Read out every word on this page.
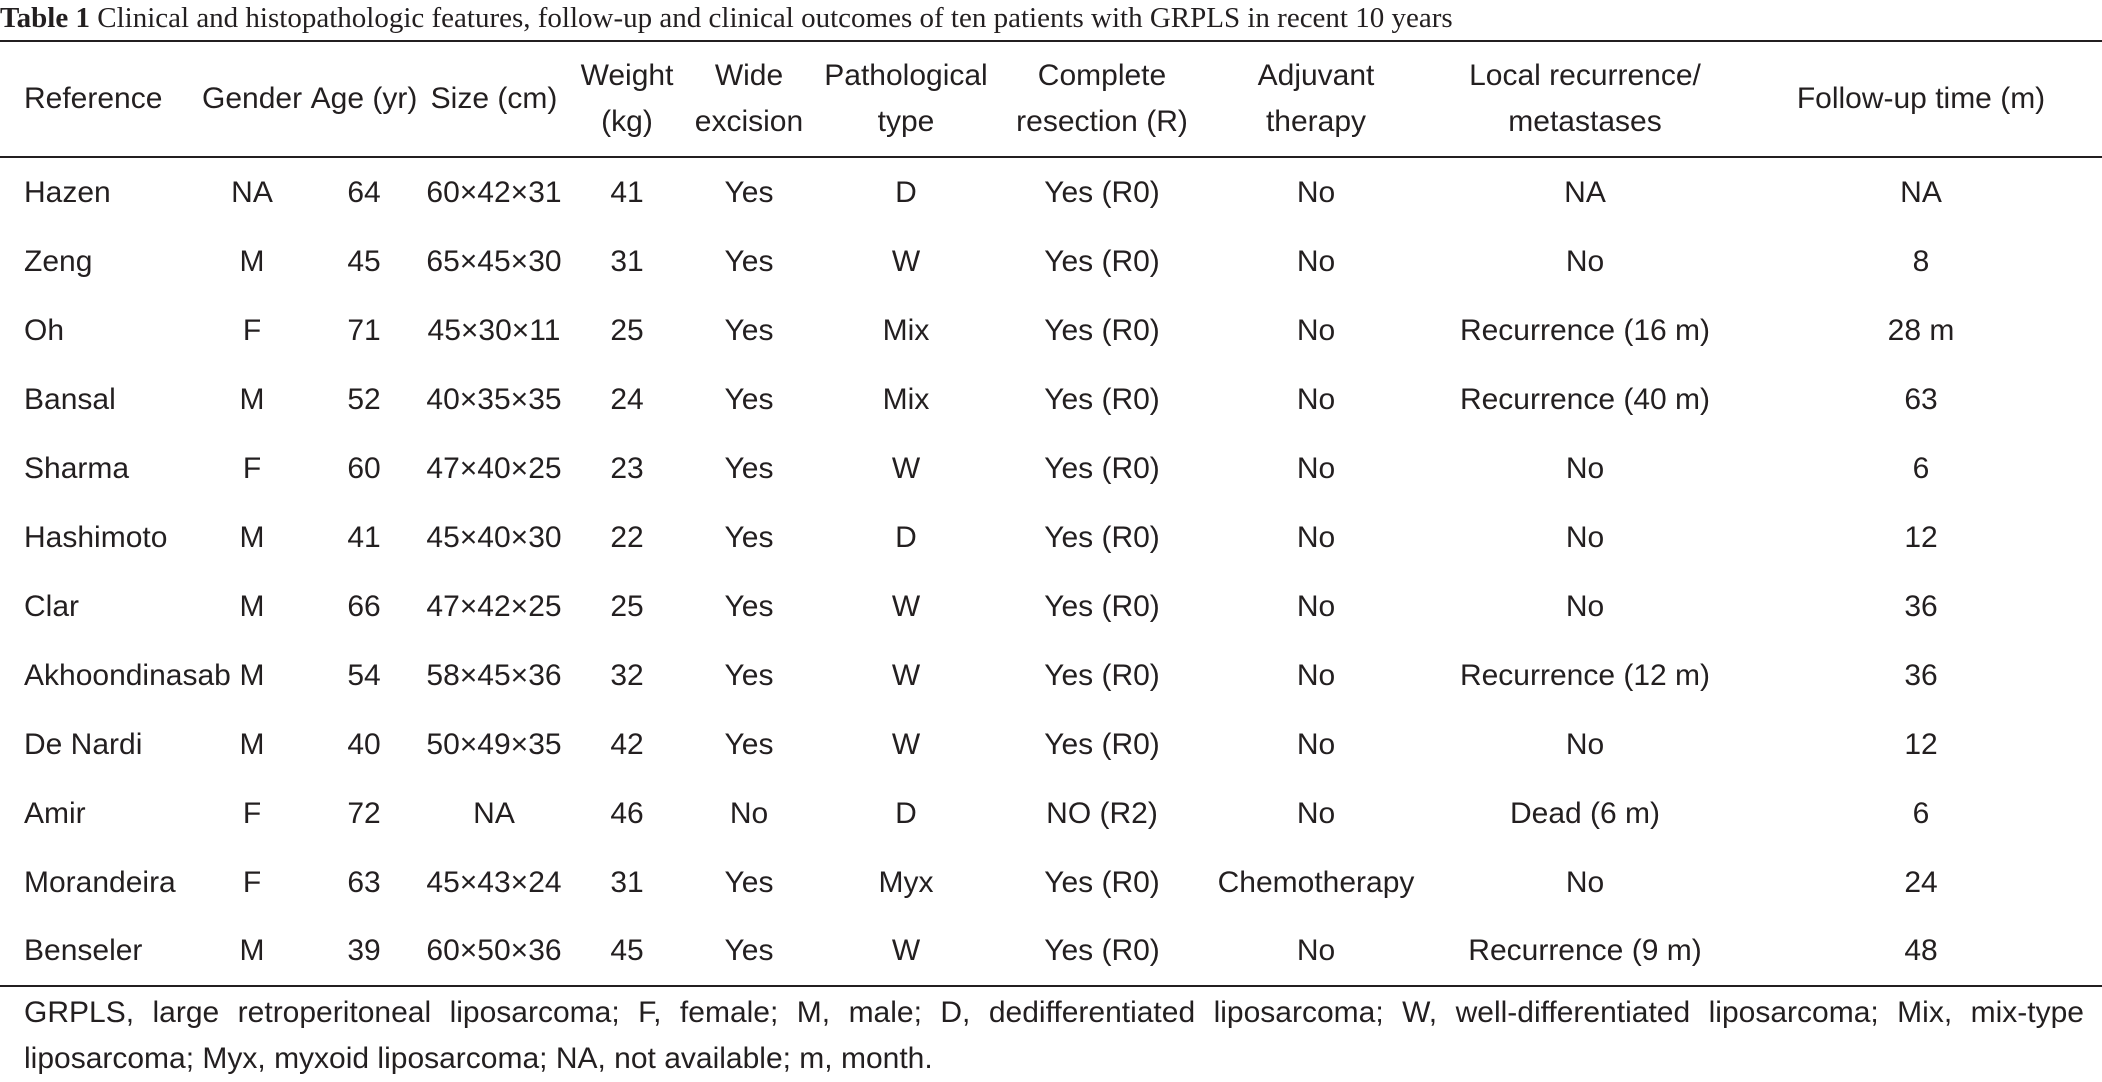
Table 1 Clinical and histopathologic features, follow-up and clinical outcomes of ten patients with GRPLS in recent 10 years
Reference	Gender	Age (yr)	Size (cm)	Weight (kg)	Wide excision	Pathological type	Complete resection (R)	Adjuvant therapy	Local recurrence/ metastases	Follow-up time (m)
Hazen	NA	64	60×42×31	41	Yes	D	Yes (R0)	No	NA	NA
Zeng	M	45	65×45×30	31	Yes	W	Yes (R0)	No	No	8
Oh	F	71	45×30×11	25	Yes	Mix	Yes (R0)	No	Recurrence (16 m)	28 m
Bansal	M	52	40×35×35	24	Yes	Mix	Yes (R0)	No	Recurrence (40 m)	63
Sharma	F	60	47×40×25	23	Yes	W	Yes (R0)	No	No	6
Hashimoto	M	41	45×40×30	22	Yes	D	Yes (R0)	No	No	12
Clar	M	66	47×42×25	25	Yes	W	Yes (R0)	No	No	36
Akhoondinasab	M	54	58×45×36	32	Yes	W	Yes (R0)	No	Recurrence (12 m)	36
De Nardi	M	40	50×49×35	42	Yes	W	Yes (R0)	No	No	12
Amir	F	72	NA	46	No	D	NO (R2)	No	Dead (6 m)	6
Morandeira	F	63	45×43×24	31	Yes	Myx	Yes (R0)	Chemotherapy	No	24
Benseler	M	39	60×50×36	45	Yes	W	Yes (R0)	No	Recurrence (9 m)	48
GRPLS, large retroperitoneal liposarcoma; F, female; M, male; D, dedifferentiated liposarcoma; W, well-differentiated liposarcoma; Mix, mix-type liposarcoma; Myx, myxoid liposarcoma; NA, not available; m, month.
